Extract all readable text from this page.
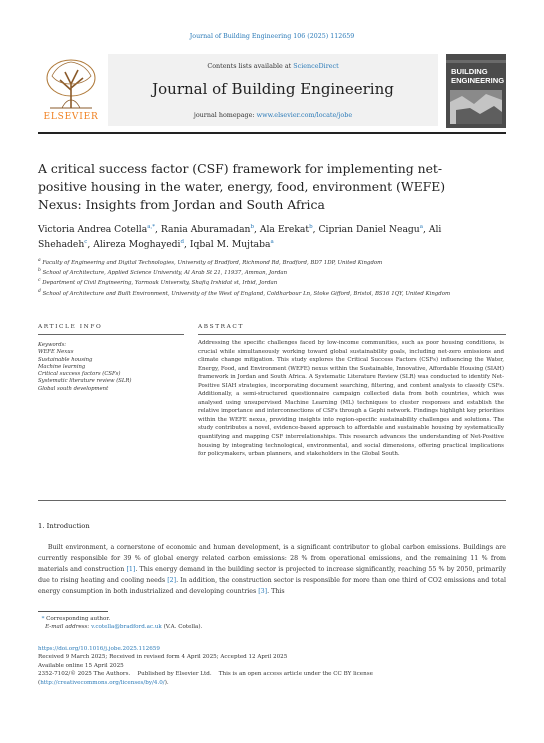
Journal of Building Engineering 106 (2025) 112659
ELSEVIER
Contents lists available at ScienceDirect
Journal of Building Engineering
journal homepage: www.elsevier.com/locate/jobe
BUILDING
ENGINEERING
A critical success factor (CSF) framework for implementing net-positive housing in the water, energy, food, environment (WEFE) Nexus: Insights from Jordan and South Africa
Victoria Andrea Cotella$^{a,*}$, Rania Aburamadan$^b$, Ala Erekat$^b$, Ciprian Daniel Neagu$^a$, Ali Shehadeh$^c$, Alireza Moghayedi$^d$, Iqbal M. Mujtaba$^a$
$^a$ Faculty of Engineering and Digital Technologies, University of Bradford, Richmond Rd, Bradford, BD7 1DP, United Kingdom
$^b$ School of Architecture, Applied Science University, Al Arab St 21, 11937, Amman, Jordan
$^c$ Department of Civil Engineering, Yarmouk University, Shafiq Irshidat st, Irbid, Jordan
$^d$ School of Architecture and Built Environment, University of the West of England, Coldharbour Ln, Stoke Gifford, Bristol, BS16 1QY, United Kingdom
ARTICLE INFO
Keywords:
WEFE Nexus
Sustainable housing
Machine learning
Critical success factors (CSFs)
Systematic literature review (SLR)
Global south development
ABSTRACT
Addressing the specific challenges faced by low-income communities, such as poor housing conditions, is crucial while simultaneously working toward global sustainability goals, including net-zero emissions and climate change mitigation. This study explores the Critical Success Factors (CSFs) influencing the Water, Energy, Food, and Environment (WEFE) nexus within the Sustainable, Innovative, Affordable Housing (SIAH) framework in Jordan and South Africa. A Systematic Literature Review (SLR) was conducted to identify Net-Positive SIAH strategies, incorporating document searching, filtering, and content analysis to classify CSFs. Additionally, a semi-structured questionnaire campaign collected data from both countries, which was analysed using unsupervised Machine Learning (ML) techniques to cluster responses and establish the relative importance and interconnections of CSFs through a Gephi network. Findings highlight key priorities within the WEFE nexus, providing insights into region-specific sustainability challenges and solutions. The study contributes a novel, evidence-based approach to affordable and sustainable housing by systematically quantifying and mapping CSF interrelationships. This research advances the understanding of Net-Positive housing by integrating technological, environmental, and social dimensions, offering practical implications for policymakers, urban planners, and stakeholders in the Global South.
1. Introduction
Built environment, a cornerstone of economic and human development, is a significant contributor to global carbon emissions. Buildings are currently responsible for 39 % of global energy related carbon emissions: 28 % from operational emissions, and the remaining 11 % from materials and construction [1]. This energy demand in the building sector is projected to increase significantly, reaching 55 % by 2050, primarily due to rising heating and cooling needs [2]. In addition, the construction sector is responsible for more than one third of CO2 emissions and total energy consumption in both industrialized and developing countries [3]. This
* Corresponding author.
E-mail address: v.cotella@bradford.ac.uk (V.A. Cotella).
https://doi.org/10.1016/j.jobe.2025.112659
Received 9 March 2025; Received in revised form 4 April 2025; Accepted 12 April 2025
Available online 15 April 2025
2352-7102/© 2025 The Authors.    Published by Elsevier Ltd.    This is an open access article under the CC BY license
(http://creativecommons.org/licenses/by/4.0/).
